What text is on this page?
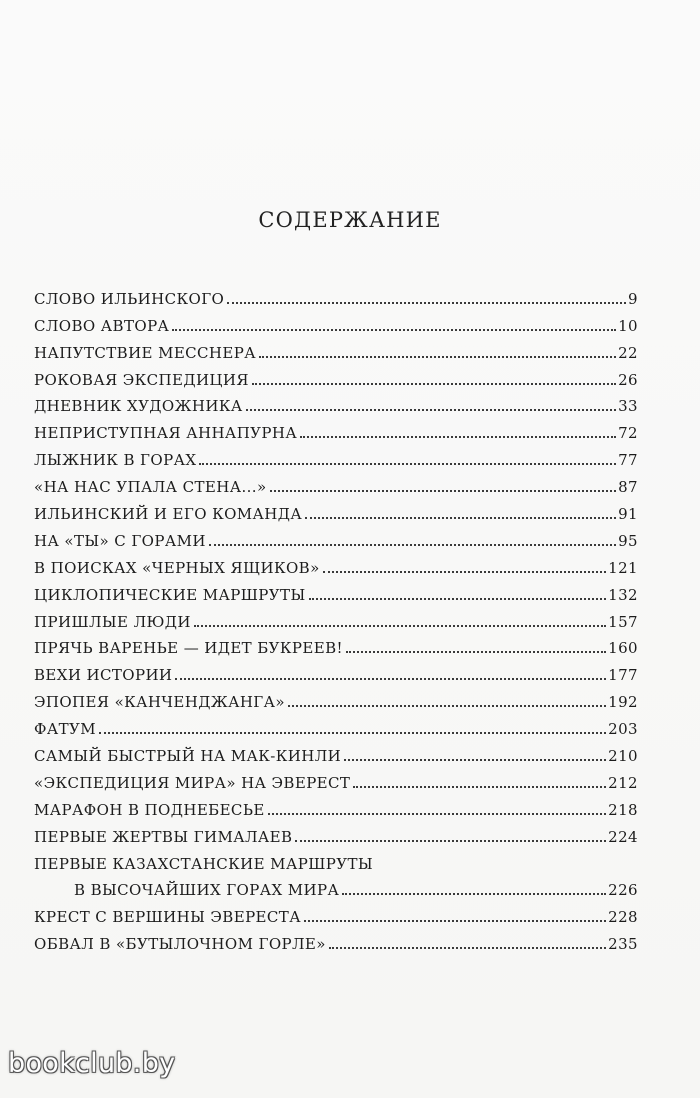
СОДЕРЖАНИЕ
СЛОВО ИЛЬИНСКОГО	9
СЛОВО АВТОРА	10
НАПУТСТВИЕ МЕССНЕРА	22
РОКОВАЯ ЭКСПЕДИЦИЯ	26
ДНЕВНИК ХУДОЖНИКА	33
НЕПРИСТУПНАЯ АННАПУРНА	72
ЛЫЖНИК В ГОРАХ	77
«НА НАС УПАЛА СТЕНА...»	87
ИЛЬИНСКИЙ И ЕГО КОМАНДА	91
НА «ТЫ» С ГОРАМИ	95
В ПОИСКАХ «ЧЕРНЫХ ЯЩИКОВ»	121
ЦИКЛОПИЧЕСКИЕ МАРШРУТЫ	132
ПРИШЛЫЕ ЛЮДИ	157
ПРЯЧЬ ВАРЕНЬЕ — ИДЕТ БУКРЕЕВ!	160
ВЕХИ ИСТОРИИ	177
ЭПОПЕЯ «КАНЧЕНДЖАНГА»	192
ФАТУМ	203
САМЫЙ БЫСТРЫЙ НА МАК-КИНЛИ	210
«ЭКСПЕДИЦИЯ МИРА» НА ЭВЕРЕСТ	212
МАРАФОН В ПОДНЕБЕСЬЕ	218
ПЕРВЫЕ ЖЕРТВЫ ГИМАЛАЕВ	224
ПЕРВЫЕ КАЗАХСТАНСКИЕ МАРШРУТЫ
В ВЫСОЧАЙШИХ ГОРАХ МИРА	226
КРЕСТ С ВЕРШИНЫ ЭВЕРЕСТА	228
ОБВАЛ В «БУТЫЛОЧНОМ ГОРЛЕ»	235
bookclub.by
